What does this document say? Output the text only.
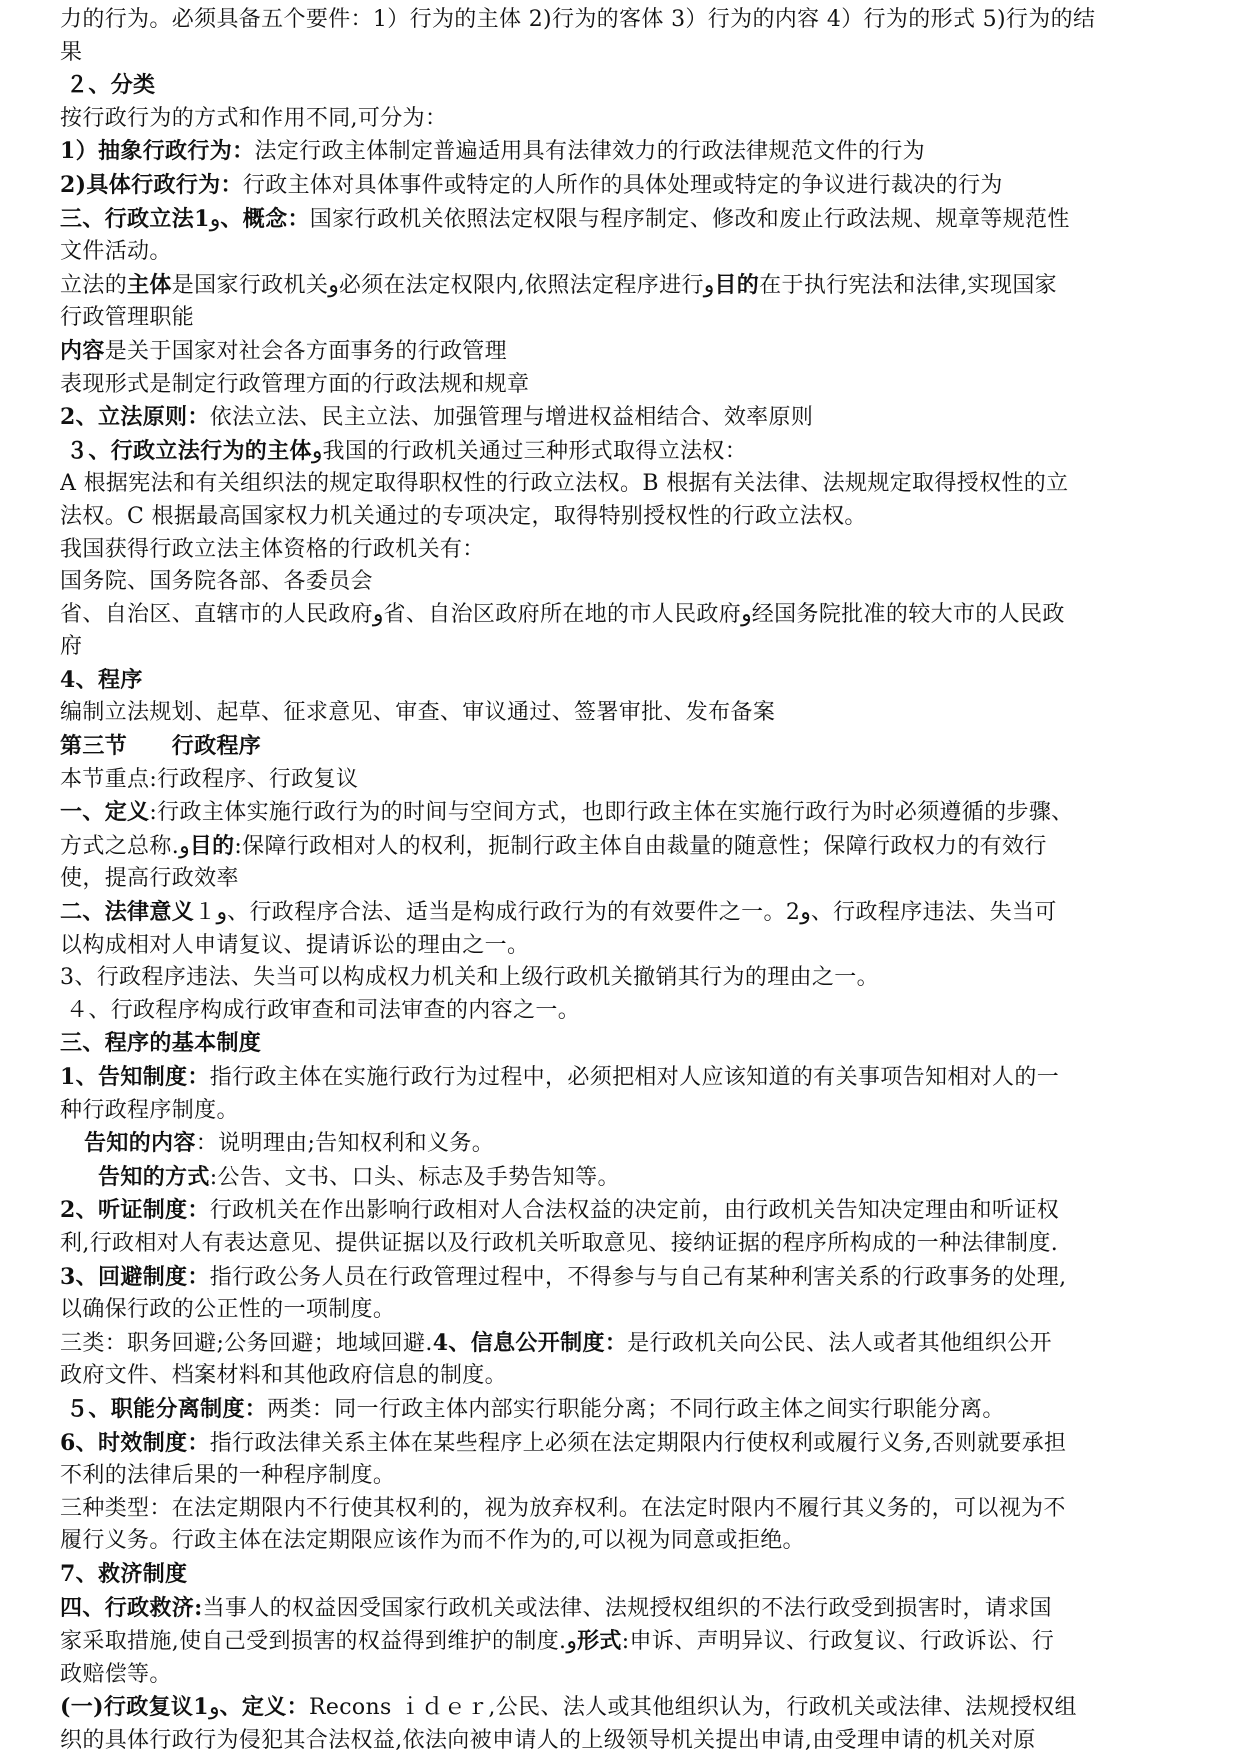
力的行为。必须具备五个要件：1）行为的主体 2)行为的客体 3）行为的内容 4）行为的形式 5)行为的结
果
２、分类
按行政行为的方式和作用不同,可分为：
1）抽象行政行为：法定行政主体制定普遍适用具有法律效力的行政法律规范文件的行为
2)具体行政行为：行政主体对具体事件或特定的人所作的具体处理或特定的争议进行裁决的行为
三、行政立法1و、概念：国家行政机关依照法定权限与程序制定、修改和废止行政法规、规章等规范性
文件活动。
立法的主体是国家行政机关و必须在法定权限内,依照法定程序进行و目的在于执行宪法和法律,实现国家
行政管理职能
内容是关于国家对社会各方面事务的行政管理
表现形式是制定行政管理方面的行政法规和规章
2、立法原则：依法立法、民主立法、加强管理与增进权益相结合、效率原则
３、行政立法行为的主体و我国的行政机关通过三种形式取得立法权：
A 根据宪法和有关组织法的规定取得职权性的行政立法权。B 根据有关法律、法规规定取得授权性的立
法权。C 根据最高国家权力机关通过的专项决定，取得特别授权性的行政立法权。
我国获得行政立法主体资格的行政机关有：
国务院、国务院各部、各委员会
省、自治区、直辖市的人民政府و省、自治区政府所在地的市人民政府و经国务院批准的较大市的人民政
府
4、程序
编制立法规划、起草、征求意见、审查、审议通过、签署审批、发布备案
第三节　　行政程序
本节重点:行政程序、行政复议
一、定义:行政主体实施行政行为的时间与空间方式，也即行政主体在实施行政行为时必须遵循的步骤、
方式之总称.و目的:保障行政相对人的权利，扼制行政主体自由裁量的随意性；保障行政权力的有效行
使，提高行政效率
二、法律意义１و、行政程序合法、适当是构成行政行为的有效要件之一。2و、行政程序违法、失当可
以构成相对人申请复议、提请诉讼的理由之一。
3、行政程序违法、失当可以构成权力机关和上级行政机关撤销其行为的理由之一。
４、行政程序构成行政审查和司法审查的内容之一。
三、程序的基本制度
1、告知制度：指行政主体在实施行政行为过程中，必须把相对人应该知道的有关事项告知相对人的一
种行政程序制度。
告知的内容：说明理由;告知权利和义务。
告知的方式:公告、文书、口头、标志及手势告知等。
2、听证制度：行政机关在作出影响行政相对人合法权益的决定前，由行政机关告知决定理由和听证权
利,行政相对人有表达意见、提供证据以及行政机关听取意见、接纳证据的程序所构成的一种法律制度.
3、回避制度：指行政公务人员在行政管理过程中，不得参与与自己有某种利害关系的行政事务的处理,
以确保行政的公正性的一项制度。
三类：职务回避;公务回避；地域回避.4、信息公开制度：是行政机关向公民、法人或者其他组织公开
政府文件、档案材料和其他政府信息的制度。
５、职能分离制度：两类：同一行政主体内部实行职能分离；不同行政主体之间实行职能分离。
6、时效制度：指行政法律关系主体在某些程序上必须在法定期限内行使权利或履行义务,否则就要承担
不利的法律后果的一种程序制度。
三种类型：在法定期限内不行使其权利的，视为放弃权利。在法定时限内不履行其义务的，可以视为不
履行义务。行政主体在法定期限应该作为而不作为的,可以视为同意或拒绝。
7、救济制度
四、行政救济:当事人的权益因受国家行政机关或法律、法规授权组织的不法行政受到损害时，请求国
家采取措施,使自己受到损害的权益得到维护的制度.و形式:申诉、声明异议、行政复议、行政诉讼、行
政赔偿等。
(一)行政复议1و、定义：Recons ｉｄｅｒ,公民、法人或其他组织认为，行政机关或法律、法规授权组
织的具体行政行为侵犯其合法权益,依法向被申请人的上级领导机关提出申请,由受理申请的机关对原
